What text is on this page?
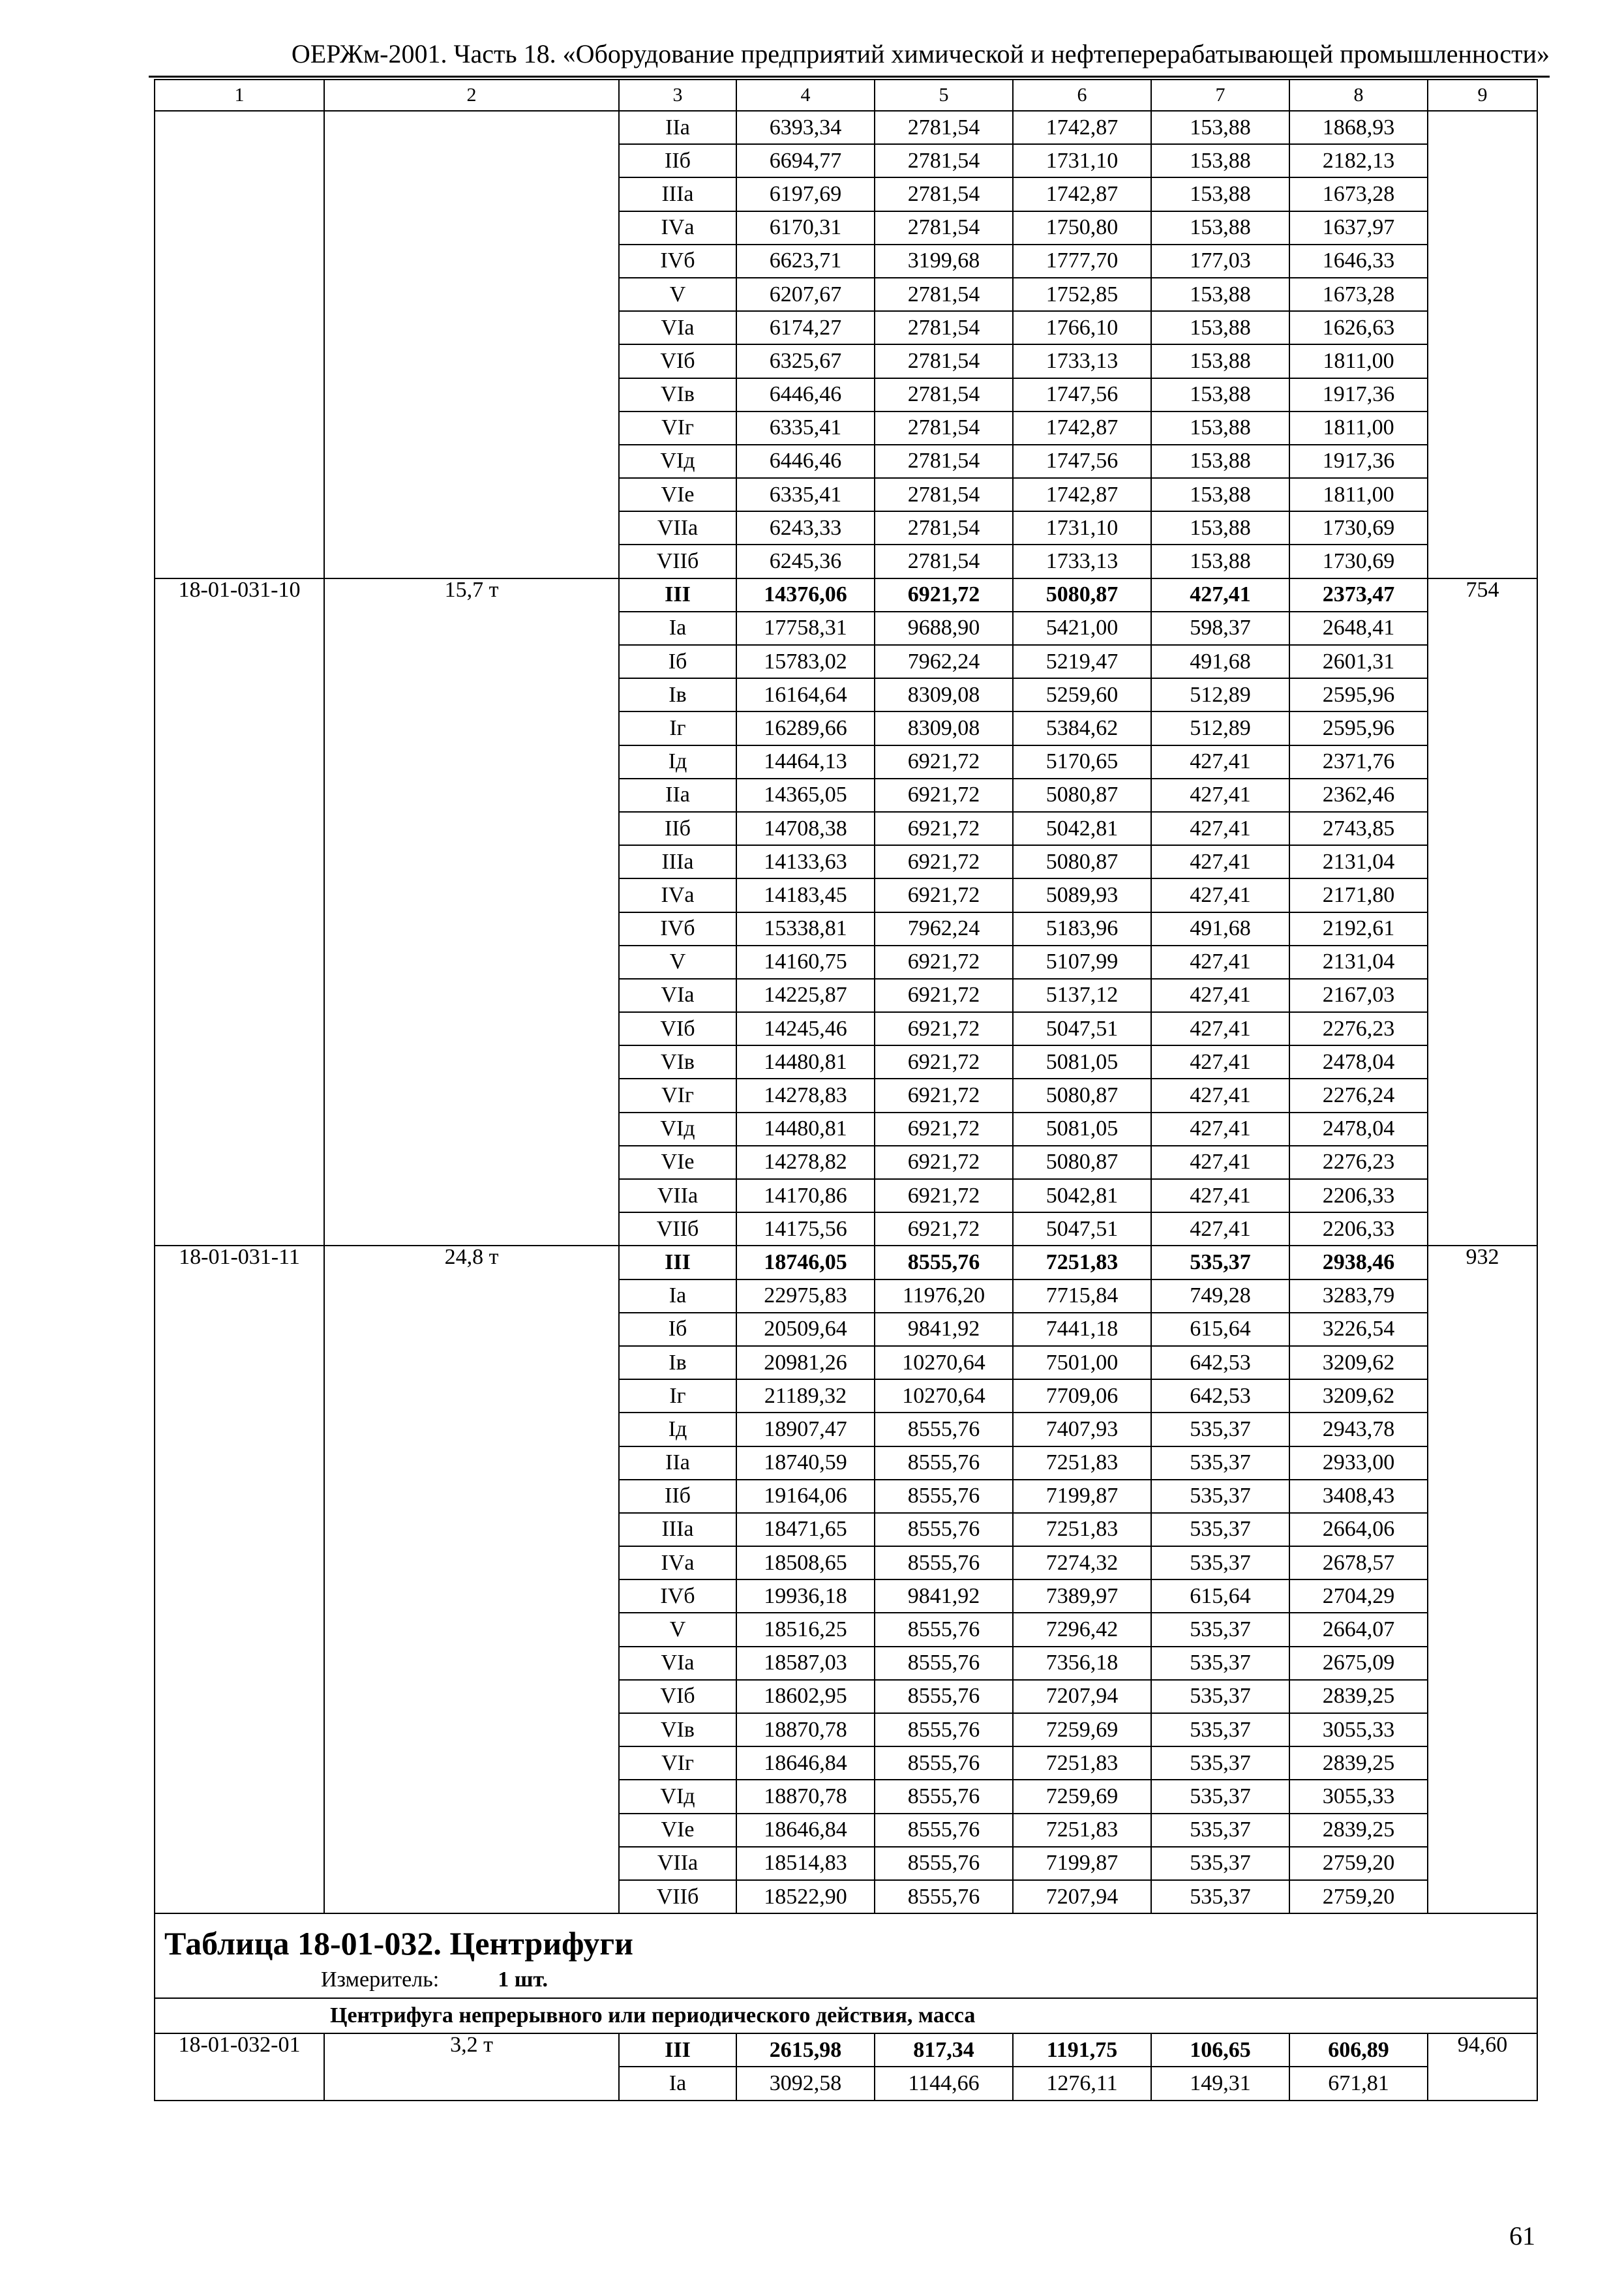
ОЕРЖм-2001. Часть 18. «Оборудование предприятий химической и нефтеперерабатывающей промышленности»
1	2	3	4	5	6	7	8	9
		IIа	6393,34	2781,54	1742,87	153,88	1868,93	
		IIб	6694,77	2781,54	1731,10	153,88	2182,13	
		IIIа	6197,69	2781,54	1742,87	153,88	1673,28	
		IVа	6170,31	2781,54	1750,80	153,88	1637,97	
		IVб	6623,71	3199,68	1777,70	177,03	1646,33	
		V	6207,67	2781,54	1752,85	153,88	1673,28	
		VIа	6174,27	2781,54	1766,10	153,88	1626,63	
		VIб	6325,67	2781,54	1733,13	153,88	1811,00	
		VIв	6446,46	2781,54	1747,56	153,88	1917,36	
		VIг	6335,41	2781,54	1742,87	153,88	1811,00	
		VIд	6446,46	2781,54	1747,56	153,88	1917,36	
		VIе	6335,41	2781,54	1742,87	153,88	1811,00	
		VIIа	6243,33	2781,54	1731,10	153,88	1730,69	
		VIIб	6245,36	2781,54	1733,13	153,88	1730,69	
18-01-031-10	15,7 т	III	14376,06	6921,72	5080,87	427,41	2373,47	754
		Iа	17758,31	9688,90	5421,00	598,37	2648,41	
		Iб	15783,02	7962,24	5219,47	491,68	2601,31	
		Iв	16164,64	8309,08	5259,60	512,89	2595,96	
		Iг	16289,66	8309,08	5384,62	512,89	2595,96	
		Iд	14464,13	6921,72	5170,65	427,41	2371,76	
		IIа	14365,05	6921,72	5080,87	427,41	2362,46	
		IIб	14708,38	6921,72	5042,81	427,41	2743,85	
		IIIа	14133,63	6921,72	5080,87	427,41	2131,04	
		IVа	14183,45	6921,72	5089,93	427,41	2171,80	
		IVб	15338,81	7962,24	5183,96	491,68	2192,61	
		V	14160,75	6921,72	5107,99	427,41	2131,04	
		VIа	14225,87	6921,72	5137,12	427,41	2167,03	
		VIб	14245,46	6921,72	5047,51	427,41	2276,23	
		VIв	14480,81	6921,72	5081,05	427,41	2478,04	
		VIг	14278,83	6921,72	5080,87	427,41	2276,24	
		VIд	14480,81	6921,72	5081,05	427,41	2478,04	
		VIе	14278,82	6921,72	5080,87	427,41	2276,23	
		VIIа	14170,86	6921,72	5042,81	427,41	2206,33	
		VIIб	14175,56	6921,72	5047,51	427,41	2206,33	
18-01-031-11	24,8 т	III	18746,05	8555,76	7251,83	535,37	2938,46	932
		Iа	22975,83	11976,20	7715,84	749,28	3283,79	
		Iб	20509,64	9841,92	7441,18	615,64	3226,54	
		Iв	20981,26	10270,64	7501,00	642,53	3209,62	
		Iг	21189,32	10270,64	7709,06	642,53	3209,62	
		Iд	18907,47	8555,76	7407,93	535,37	2943,78	
		IIа	18740,59	8555,76	7251,83	535,37	2933,00	
		IIб	19164,06	8555,76	7199,87	535,37	3408,43	
		IIIа	18471,65	8555,76	7251,83	535,37	2664,06	
		IVа	18508,65	8555,76	7274,32	535,37	2678,57	
		IVб	19936,18	9841,92	7389,97	615,64	2704,29	
		V	18516,25	8555,76	7296,42	535,37	2664,07	
		VIа	18587,03	8555,76	7356,18	535,37	2675,09	
		VIб	18602,95	8555,76	7207,94	535,37	2839,25	
		VIв	18870,78	8555,76	7259,69	535,37	3055,33	
		VIг	18646,84	8555,76	7251,83	535,37	2839,25	
		VIд	18870,78	8555,76	7259,69	535,37	3055,33	
		VIе	18646,84	8555,76	7251,83	535,37	2839,25	
		VIIа	18514,83	8555,76	7199,87	535,37	2759,20	
		VIIб	18522,90	8555,76	7207,94	535,37	2759,20	

Таблица 18-01-032. Центрифуги
Измеритель: 1 шт.								

Центрифуга непрерывного или периодического действия, масса								
18-01-032-01	3,2 т	III	2615,98	817,34	1191,75	106,65	606,89	94,60
		Iа	3092,58	1144,66	1276,11	149,31	671,81	
61
